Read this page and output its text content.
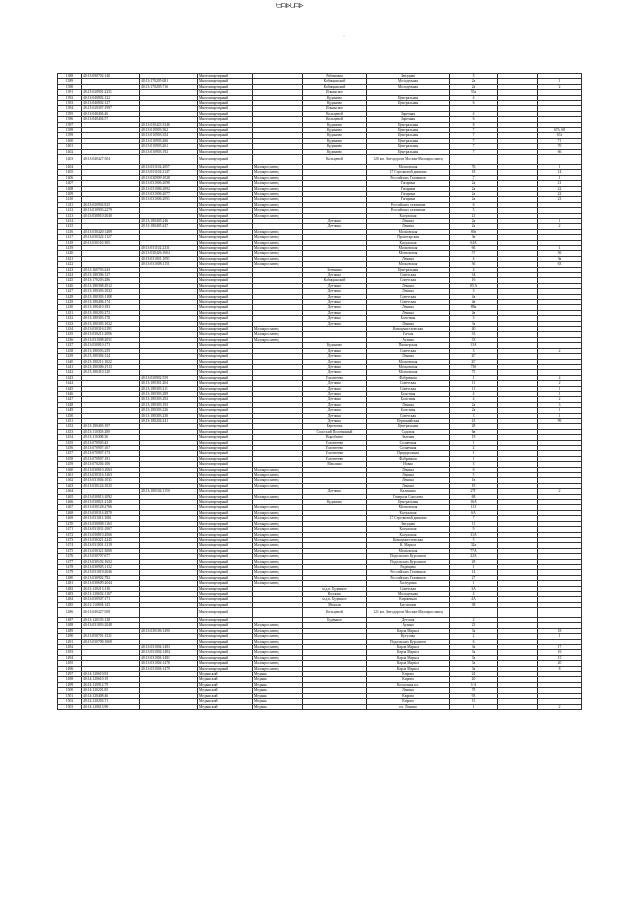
ᗨᗩᐈᑌᗩᐈ
·
1388	40:13:090702:140		Многоквартирный		Рябиновая	Звездная	5		
1389		40:13:170205:681	Многоквартирный		Кабицынский	Молодежная	2а		1
1390		40:13:170205:716	Многоквартирный		Кабицынский	Молодежная	2а		2
1391	40:13:020901:2231		Многоквартирный		Ильинское		55а		
1392	40:13:040802:122		Многоквартирный		Кудиново	Центральная	4		
1393	40:13:040802:127		Многоквартирный		Кудиново	Центральная	6		
1394	40:13:020307:1997		Многоквартирный		Ильинское				
1395	40:13:040404:46		Многоквартирный		Кольцевой	Заречная	4		
1396	40:13:040404:57		Многоквартирный		Кольцевой	Заречная	6		
1397		40:13:030423:3346	Многоквартирный		Кудиново	Центральная	8		
1398		40:13:010903:362	Многоквартирный		Кудиново	Центральная	7		67б, 68
1399		40:13:010903:354	Многоквартирный		Кудиново	Центральная	7		67а
1400		40:13:010903:266	Многоквартирный		Кудиново	Центральная	7		71
1401		40:13:010903:261	Многоквартирный		Кудиново	Центральная	7		70
1402		40:13:010903:192	Многоквартирный		Кудиново	Центральная	7		66
1403	40:13:040427:504		Многоквартирный		Кольцевой	120 км. Автодороги Москва-Малоярославец			
1404		40:13:031102:2057	Многоквартирный	Малоярославец		Московская	76		1
1405		40:13:031102:2147	Многоквартирный	Малоярославец		17 Стрелковой дивизии	18		14
1406		40:13:030909:1028	Многоквартирный	Малоярославец		Российских Газовиков	7		1
1407		40:13:031006:2098	Многоквартирный	Малоярославец		Гагарина	2а		21
1408		40:13:031006:2092	Многоквартирный	Малоярославец		Гагарина	2а		22
1409		40:13:031006:2077	Многоквартирный	Малоярославец		Гагарина	2а		22
1410		40:13:031006:2091	Многоквартирный	Малоярославец		Гагарина	2а		23
1411	40:13:020904:825		Многоквартирный	Малоярославец		Российских газовиков	6		
1412	40:13:010903:2279		Многоквартирный	Малоярославец		Российских газовиков	5		
1413	40:13:030810:2040		Многоквартирный	Малоярославец		Калужская	21		
1414		40:13:180405:246	Многоквартирный		Детчино	Ленина	2а		1
1415		40:13:180405:247	Многоквартирный		Детчино	Ленина	2а		2
1416	40:13:030420:1489		Многоквартирный	Малоярославец		Московская	69а		
1417	40:13:030322:1127		Многоквартирный	Малоярославец		Пролетарская	3в		
1418	40:13:030110:305		Многоквартирный	Малоярославец		Калужская	64А		
1419		40:13:031102:2331	Многоквартирный	Малоярославец		Московская	66		1
1420		40:13:030426:1604	Многоквартирный	Малоярославец		Московская	57		36
1421		40:13:031001:1091	Многоквартирный	Малоярославец		Ленина	4		3в
1422		40:13:031008:1151	Многоквартирный	Малоярославец		Московская	36		63
1423	40:13:160703:243		Многоквартирный		Зеленино	Центральная	4		
1424	40:13:180306:127		Многоквартирный		Детчино	Советская	34		
1425	40:13:170203:286		Многоквартирный		Кабицынский	Советская	16		
1426	40:13:180308:2912		Многоквартирный		Детчино	Ленина	83 А		
1427	40:13:180303:1032		Многоквартирный		Детчино	Ленина	3		
1428	40:13:180303:1188		Многоквартирный		Детчино	Советская	4а		
1429	40:13:180406:174		Многоквартирный		Детчино	Советская	4в		
1430	40:13:180410:183		Многоквартирный		Детчино	Ленина	88в		
1431	40:13:180203:272		Многоквартирный		Детчино	Ленина	2в		
1432	40:13:180303:178		Многоквартирный		Детчино	Болотная	3		
1433	40:13:180303:1022		Многоквартирный		Детчино	Ленина	3а		
1434	40:13:030316:2181		Многоквартирный	Малоярославец		Коммунистическая	40		
1435	40:13:030211:2086		Многоквартирный	Малоярославец		Гоголя	33		
1436	40:13:031008:2051		Многоквартирный	Малоярославец		Аузина	33		
1437	40:13:030810:173		Многоквартирный		Кудиново	Пионерская	13А		
1438	40:13:180503:259		Многоквартирный		Детчино	Советская	3		2
1439	40:13:180304:124		Многоквартирный		Детчино	Ленина	2Г		
1440	40:13:180211:1022		Многоквартирный		Детчино	Московская	2Г		
1441	40:13:180306:1513		Многоквартирный		Детчино	Московская	73б		
1442	40:13:180410:120		Многоквартирный		Детчино	Московская	75		
1443		40:13:020902:559	Многоквартирный		Головтеево	Фабричная	1		4
1444		40:13:180301:204	Многоквартирный		Детчино	Советская	11		2
1445		40:13:180303:211	Многоквартирный		Детчино	Советская	11		1
1446		40:13:180303:289	Многоквартирный		Детчино	Болотная	4		1
1447		40:13:180303:292	Многоквартирный		Детчино	Болотная	4		2
1448		40:13:180303:193	Многоквартирный		Детчино	Ленина	2а		3
1449		40:13:180303:226	Многоквартирный		Детчино	Болотная	2а		1
1450		40:13:180303:230	Многоквартирный		Детчино	Советская	3		1
1451		40:13:180204:241	Многоквартирный		Детчино	Первомайская	43		99
1452	40:13:180403:197		Многоквартирный		Березовка	Центральная	28		
1453	40:13:110303:280		Многоквартирный		Спасский Полотняный	Садовая	6в		
1454	40:13:110308:36		Многоквартирный		Воробьево	Зеленая	19		
1455	40:13:070905:43		Многоквартирный		Головтеево	Солнечная	1		
1456	40:13:070907:167		Многоквартирный		Головтеево	Солнечная	2		
1457	40:13:070907:173		Многоквартирный		Головтеево	Придорожная	1		
1458	40:13:070907:181		Многоквартирный		Головтеево	Фабричная	1		
1459	40:13:070204:106		Многоквартирный		Маклино	Новая	3		
1460	40:13:030810:1063		Многоквартирный	Малоярославец		Ленина	6		
1461	40:13:030316:1463		Многоквартирный	Малоярославец		Ленина	5		
1462	40:13:031004:1031		Многоквартирный	Малоярославец		Ленина	1в		
1463	40:13:030124:1025		Многоквартирный	Малоярославец		Ленина	19		
1464		40:13:180104:1150	Многоквартирный		Детчино	Калинина	27Г		2
1465	40:13:030813:1092		Многоквартирный	Малоярославец		Генерала Соколова	68		
1466	40:13:030821:2148		Многоквартирный		Кудиново	Центральная	16А		
1467	40:13:030128:2766		Многоквартирный	Малоярославец		Московская	113		
1468	40:13:030314:2870		Многоквартирный	Малоярославец		Калужская	6А		
1469	40:13:031011:1061		Многоквартирный	Малоярославец		17 Стрелковой дивизии	7		
1470	40:13:030908:1163		Многоквартирный	Малоярославец		Звездная	11		
1471	40:13:031031:1067		Многоквартирный	Малоярославец		Калужская	9		
1472	40:13:030810:2066		Многоквартирный	Малоярославец		Калужская	31А		
1473	40:13:030321:2245		Многоквартирный	Малоярославец		Коммунистическая	5		
1474	40:13:031001:1219		Многоквартирный	Малоярославец		К. Маркса	32а		
1475	40:13:030321:3080		Многоквартирный	Малоярославец		Московская	77А		
1476	40:13:030707:677		Многоквартирный	Малоярославец		Подольских Курсантов	22А		
1477	40:13:030102:1652		Многоквартирный	Малоярославец		Подольских Курсантов	28		
1478	40:13:030905:1132		Многоквартирный	Малоярославец		Радищева	1		
1479	40:13:031019:2046		Многоквартирный	Малоярославец		Российских Газовиков	14		
1480	40:13:030902:782		Многоквартирный	Малоярославец		Российских Газовиков	27		
1481	40:13:030609:2044		Многоквартирный	Малоярославец		Халтурина	1		
1482	40:13:120213:130		Многоквартирный		м.д.п. Буденное	Советская	3А		
1483	40:13:120602:1167		Многоквартирный		Коллоно	Молодежная	4		
1484	40:13:030507:171		Многоквартирный		м.д.п. Буденное	Кирпичная	4А		
1485	40:12:110694:143		Многоквартирный		Михали	Бастионов	38		
1486	40:13:040427:508		Многоквартирный		Кольцевой	121 км. Автодороги Москва-Малоярославец			
1487	40:13:120103:138		Многоквартирный		Буденное	Детская	2		
1488	40:13:031003:2048		Многоквартирный	Малоярославец		Аузина	23		
1489		40:13:030106:1490	Многоквартирный	Малоярославец		Карла Маркса	3а		18
1490	40:13:050701:1521		Многоквартирный	Малоярославец		Кутузова	2		1
1491	40:13:030709:1069		Многоквартирный	Малоярославец		Подольских Курсантов	6		
1492		40:13:031004:1483	Многоквартирный	Малоярославец		Карла Маркса	3а		17
1493		40:13:031004:1484	Многоквартирный	Малоярославец		Карла Маркса	3а		16
1494		40:13:031004:1481	Многоквартирный	Малоярославец		Карла Маркса	3а		15
1495		40:13:031004:1478	Многоквартирный	Малоярославец		Карла Маркса	3а		20
1496		40:13:031004:1479	Многоквартирный	Малоярославец		Карла Маркса	3а		8
1497	40:14:120610:93		Медынский	Медынь		Кирова	24		
1498	40:14:120610:19		Медынский	Медынь		Кирова	20		
1499	40:14:120912:79		Медынский	Медынь		Колхозная пл.	3-А		
1500	40:14:120201:85		Медынский	Медынь		Ленина	78		
1501	40:14:120408:46		Медынский	Медынь		Кирова	93		
1502	40:14:120203:71		Медынский	Медынь		Кирова	15		
1503	40:14:120613:90		Медынский	Медынь		пл. Ленина	1		2
